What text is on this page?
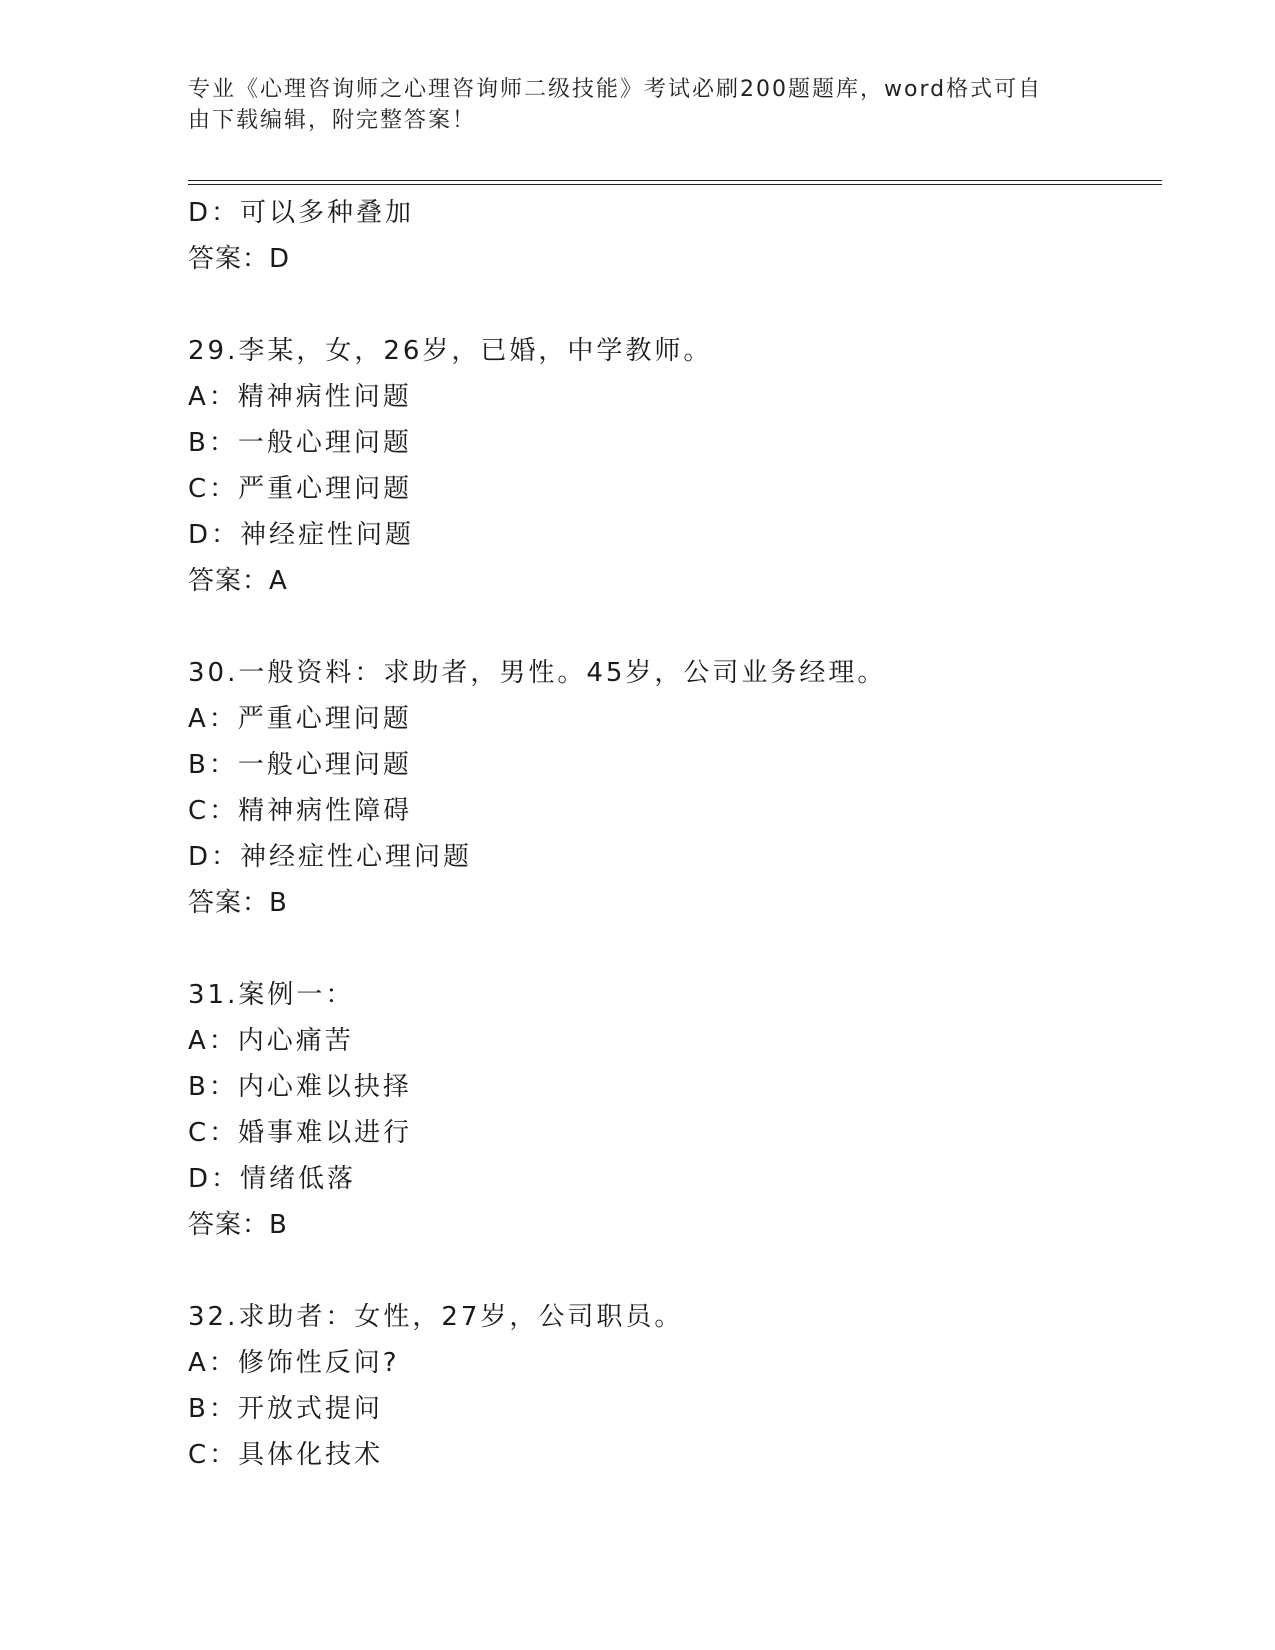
专业《心理咨询师之心理咨询师二级技能》考试必刷200题题库，word格式可自
由下载编辑，附完整答案！
D：可以多种叠加
答案：D
29.李某，女，26岁，已婚，中学教师。
A：精神病性问题
B：一般心理问题
C：严重心理问题
D：神经症性问题
答案：A
30.一般资料：求助者，男性。45岁，公司业务经理。
A：严重心理问题
B：一般心理问题
C：精神病性障碍
D：神经症性心理问题
答案：B
31.案例一：
A：内心痛苦
B：内心难以抉择
C：婚事难以进行
D：情绪低落
答案：B
32.求助者：女性，27岁，公司职员。
A：修饰性反问?
B：开放式提问
C：具体化技术
